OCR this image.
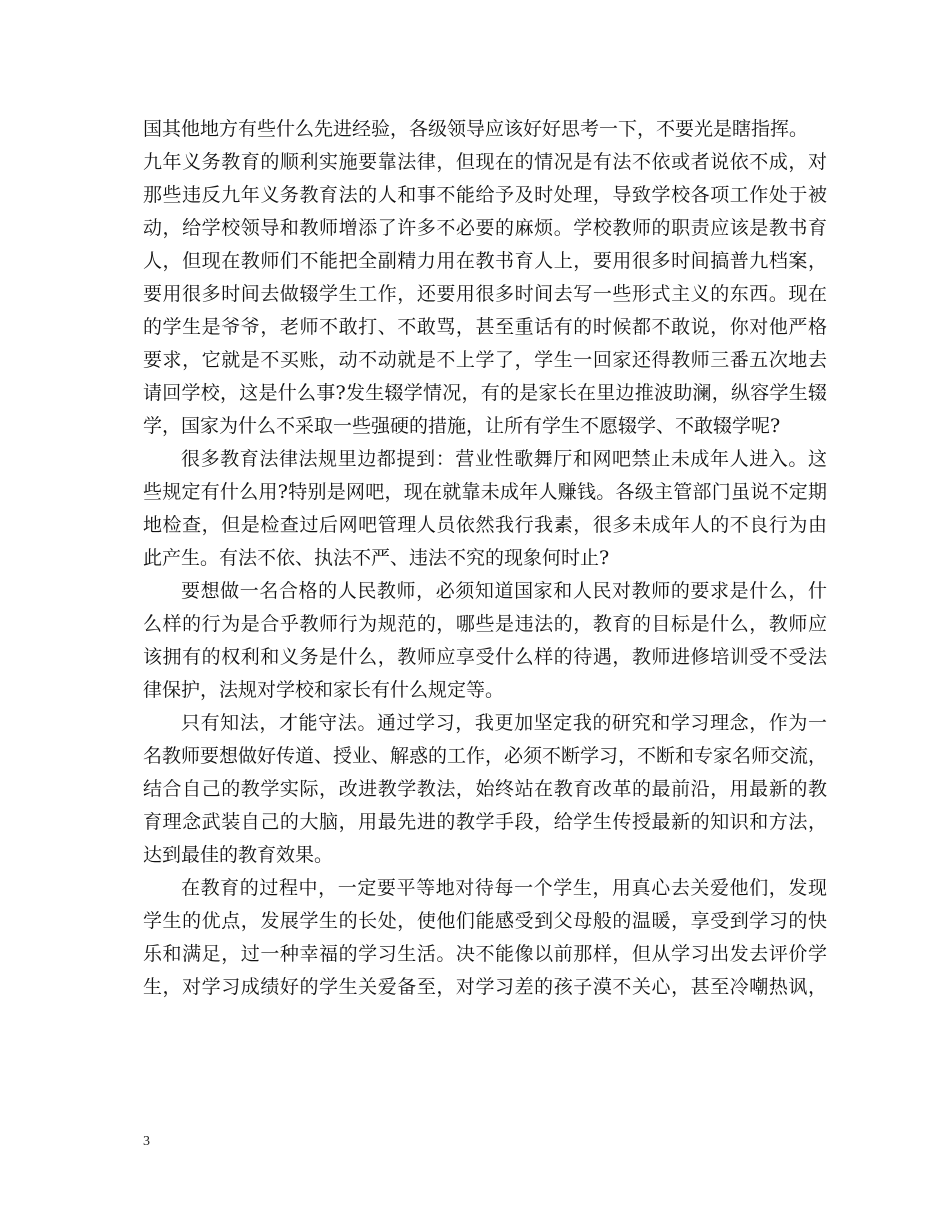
国其他地方有些什么先进经验，各级领导应该好好思考一下，不要光是瞎指挥。
九年义务教育的顺利实施要靠法律，但现在的情况是有法不依或者说依不成，对
那些违反九年义务教育法的人和事不能给予及时处理，导致学校各项工作处于被
动，给学校领导和教师增添了许多不必要的麻烦。学校教师的职责应该是教书育
人，但现在教师们不能把全副精力用在教书育人上，要用很多时间搞普九档案，
要用很多时间去做辍学生工作，还要用很多时间去写一些形式主义的东西。现在
的学生是爷爷，老师不敢打、不敢骂，甚至重话有的时候都不敢说，你对他严格
要求，它就是不买账，动不动就是不上学了，学生一回家还得教师三番五次地去
请回学校，这是什么事?发生辍学情况，有的是家长在里边推波助澜，纵容学生辍
学，国家为什么不采取一些强硬的措施，让所有学生不愿辍学、不敢辍学呢?
很多教育法律法规里边都提到：营业性歌舞厅和网吧禁止未成年人进入。这
些规定有什么用?特别是网吧，现在就靠未成年人赚钱。各级主管部门虽说不定期
地检查，但是检查过后网吧管理人员依然我行我素，很多未成年人的不良行为由
此产生。有法不依、执法不严、违法不究的现象何时止?
要想做一名合格的人民教师，必须知道国家和人民对教师的要求是什么，什
么样的行为是合乎教师行为规范的，哪些是违法的，教育的目标是什么，教师应
该拥有的权利和义务是什么，教师应享受什么样的待遇，教师进修培训受不受法
律保护，法规对学校和家长有什么规定等。
只有知法，才能守法。通过学习，我更加坚定我的研究和学习理念，作为一
名教师要想做好传道、授业、解惑的工作，必须不断学习，不断和专家名师交流，
结合自己的教学实际，改进教学教法，始终站在教育改革的最前沿，用最新的教
育理念武装自己的大脑，用最先进的教学手段，给学生传授最新的知识和方法，
达到最佳的教育效果。
在教育的过程中，一定要平等地对待每一个学生，用真心去关爱他们，发现
学生的优点，发展学生的长处，使他们能感受到父母般的温暖，享受到学习的快
乐和满足，过一种幸福的学习生活。决不能像以前那样，但从学习出发去评价学
生，对学习成绩好的学生关爱备至，对学习差的孩子漠不关心，甚至冷嘲热讽，
3
